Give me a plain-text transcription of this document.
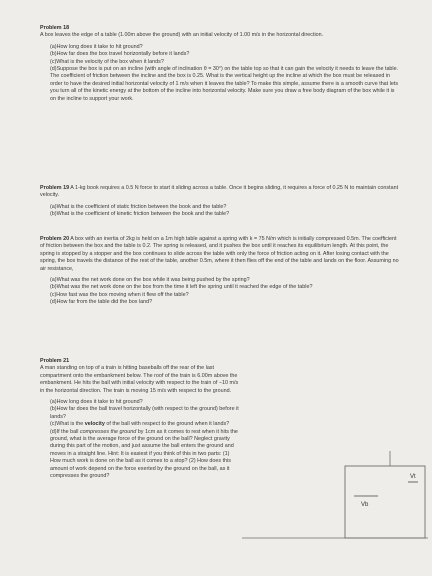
Problem 18

A box leaves the edge of a table (1.00m above the ground) with an initial velocity of 1.00 m/s in the horizontal direction.

(a)How long does it take to hit ground?

(b)How far does the box travel horizontally before it lands?

(c)What is the velocity of the box when it lands?

(d)Suppose the box is put on an incline (with angle of inclination θ = 30°) on the table top so that it can gain the velocity it needs to leave the table. The coefficient of friction between the incline and the box is 0.25. What is the vertical height up the incline at which the box must be released in order to have the desired initial horizontal velocity of 1 m/s when it leaves the table? To make this simple, assume there is a smooth curve that lets you turn all of the kinetic energy at the bottom of the incline into horizontal velocity. Make sure you draw a free body diagram of the box while it is on the incline to support your work.

Problem 19 A 1-kg book requires a 0.5 N force to start it sliding across a table. Once it begins sliding, it requires a force of 0.25 N to maintain constant velocity.

(a)What is the coefficient of static friction between the book and the table?

(b)What is the coefficient of kinetic friction between the book and the table?

Problem 20 A box with an inertia of 2kg is held on a 1m high table against a spring with k = 75 N/m which is initially compressed 0.5m. The coefficient of friction between the box and the table is 0.2. The spring is released, and it pushes the box until it reaches its equilibrium length. At this point, the spring is stopped by a stopper and the box continues to slide across the table with only the force of friction acting on it. After losing contact with the spring, the box travels the distance of the rest of the table, another 0.5m, where it then flies off the end of the table and lands on the floor. Assuming no air resistance,

(a)What was the net work done on the box while it was being pushed by the spring?

(b)What was the net work done on the box from the time it left the spring until it reached the edge of the table?

(c)How fast was the box moving when it flew off the table?

(d)How far from the table did the box land?

Problem 21

A man standing on top of a train is hitting baseballs off the rear of the last compartment onto the embankment below. The roof of the train is 6.00m above the embankment. He hits the ball with initial velocity with respect to the train of −10 m/s in the horizontal direction. The train is moving 15 m/s with respect to the ground.

(a)How long does it take to hit ground?

(b)How far does the ball travel horizontally (with respect to the ground) before it lands?

(c)What is the velocity of the ball with respect to the ground when it lands?

(d)If the ball compresses the ground by 1cm as it comes to rest when it hits the ground, what is the average force of the ground on the ball? Neglect gravity during this part of the motion, and just assume the ball enters the ground and moves in a straight line. Hint: It is easiest if you think of this in two parts: (1) How much work is done on the ball as it comes to a stop? (2) How does this amount of work depend on the force exerted by the ground on the ball, as it compresses the ground?	Vt
Vb
